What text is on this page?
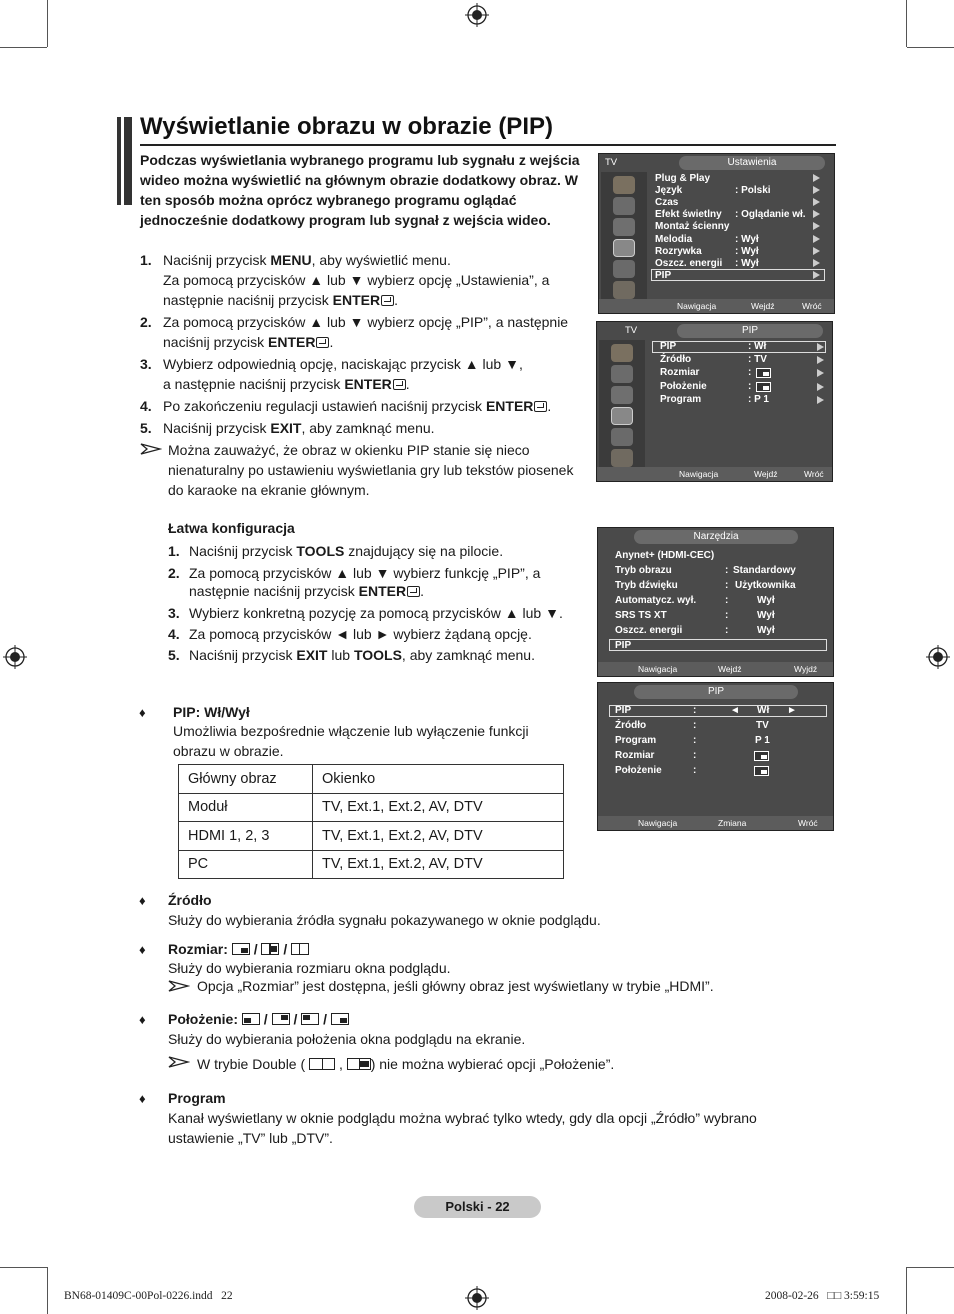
Wyświetlanie obrazu w obrazie (PIP)
Podczas wyświetlania wybranego programu lub sygnału z wejścia wideo można wyświetlić na głównym obrazie dodatkowy obraz. W ten sposób można oprócz wybranego programu oglądać jednocześnie dodatkowy program lub sygnał z wejścia wideo.
1. Naciśnij przycisk MENU, aby wyświetlić menu.
Za pomocą przycisków ▲ lub ▼ wybierz opcję „Ustawienia”, a
następnie naciśnij przycisk ENTER .
2. Za pomocą przycisków ▲ lub ▼ wybierz opcję „PIP”, a następnie
naciśnij przycisk ENTER .
3. Wybierz odpowiednią opcję, naciskając przycisk ▲ lub ▼,
a następnie naciśnij przycisk ENTER .
4. Po zakończeniu regulacji ustawień naciśnij przycisk ENTER .
5. Naciśnij przycisk EXIT, aby zamknąć menu.
Można zauważyć, że obraz w okienku PIP stanie się nieco
nienaturalny po ustawieniu wyświetlania gry lub tekstów piosenek
do karaoke na ekranie głównym.
Łatwa konfiguracja
1. Naciśnij przycisk TOOLS znajdujący się na pilocie.
2. Za pomocą przycisków ▲ lub ▼ wybierz funkcję „PIP”, a
następnie naciśnij przycisk ENTER .
3. Wybierz konkretną pozycję za pomocą przycisków ▲ lub ▼.
4. Za pomocą przycisków ◄ lub ► wybierz żądaną opcję.
5. Naciśnij przycisk EXIT lub TOOLS, aby zamknąć menu.
♦ PIP: Wł/Wył
Umożliwia bezpośrednie włączenie lub wyłączenie funkcji
obrazu w obrazie.
Główny obraz	Okienko
Moduł	TV, Ext.1, Ext.2, AV, DTV
HDMI 1, 2, 3	TV, Ext.1, Ext.2, AV, DTV
PC	TV, Ext.1, Ext.2, AV, DTV
♦ Źródło
Służy do wybierania źródła sygnału pokazywanego w oknie podglądu.
♦ Rozmiar: / /
Służy do wybierania rozmiaru okna podglądu.
Opcja „Rozmiar” jest dostępna, jeśli główny obraz jest wyświetlany w trybie „HDMI”.
♦ Położenie: / / /
Służy do wybierania położenia okna podglądu na ekranie.
W trybie Double ( , ) nie można wybierać opcji „Położenie”.
♦ Program
Kanał wyświetlany w oknie podglądu można wybrać tylko wtedy, gdy dla opcji „Źródło” wybrano
ustawienie „TV” lub „DTV”.
TV	Ustawienia
Plug & Play
Język	: Polski
Czas
Efekt świetlny : Oglądanie wł.
Montaż ścienny
Melodia	: Wył
Rozrywka	: Wył
Oszcz. energii : Wył
PIP
Nawigacja	Wejdź	Wróć
TV	PIP
PIP	: Wł
Źródło	: TV
Rozmiar	:
Położenie	:
Program	: P 1
Nawigacja	Wejdź	Wróć
Narzędzia
Anynet+ (HDMI-CEC)
Tryb obrazu	: Standardowy
Tryb dźwięku	: Użytkownika
Automatycz. wył.	:	Wył
SRS TS XT	:	Wył
Oszcz. energii	:	Wył
PIP
Nawigacja	Wejdź	Wyjdź
PIP
PIP	:	◄ Wł ►
Źródło	:	TV
Program	:	P 1
Rozmiar	:
Położenie	:
Nawigacja	Zmiana	Wróć
Polski - 22
BN68-01409C-00Pol-0226.indd   22	2008-02-26   □□ 3:59:15
